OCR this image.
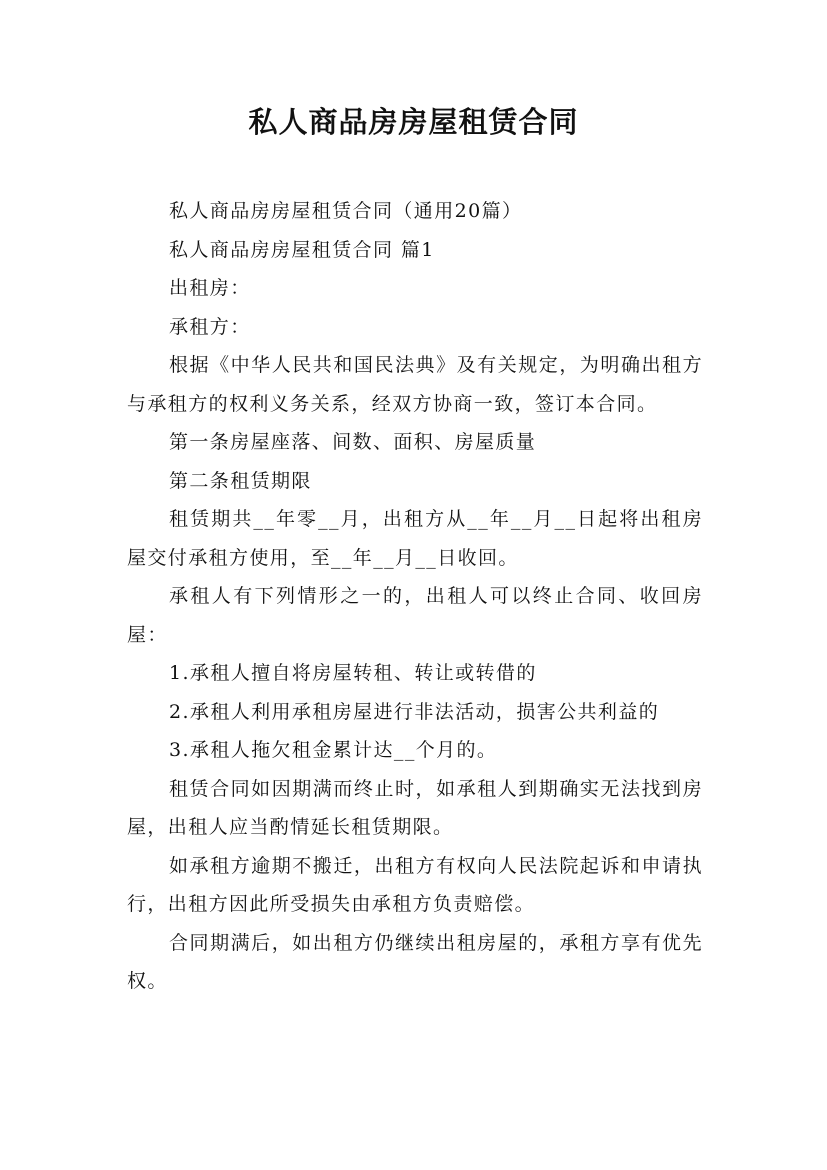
私人商品房房屋租赁合同

私人商品房房屋租赁合同（通用20篇）

私人商品房房屋租赁合同 篇1

出租房：

承租方：

根据《中华人民共和国民法典》及有关规定，为明确出租方与承租方的权利义务关系，经双方协商一致，签订本合同。

第一条房屋座落、间数、面积、房屋质量

第二条租赁期限

租赁期共__年零__月，出租方从__年__月__日起将出租房屋交付承租方使用，至__年__月__日收回。

承租人有下列情形之一的，出租人可以终止合同、收回房屋：

1.承租人擅自将房屋转租、转让或转借的

2.承租人利用承租房屋进行非法活动，损害公共利益的

3.承租人拖欠租金累计达__个月的。

租赁合同如因期满而终止时，如承租人到期确实无法找到房屋，出租人应当酌情延长租赁期限。

如承租方逾期不搬迁，出租方有权向人民法院起诉和申请执行，出租方因此所受损失由承租方负责赔偿。

合同期满后，如出租方仍继续出租房屋的，承租方享有优先权。
